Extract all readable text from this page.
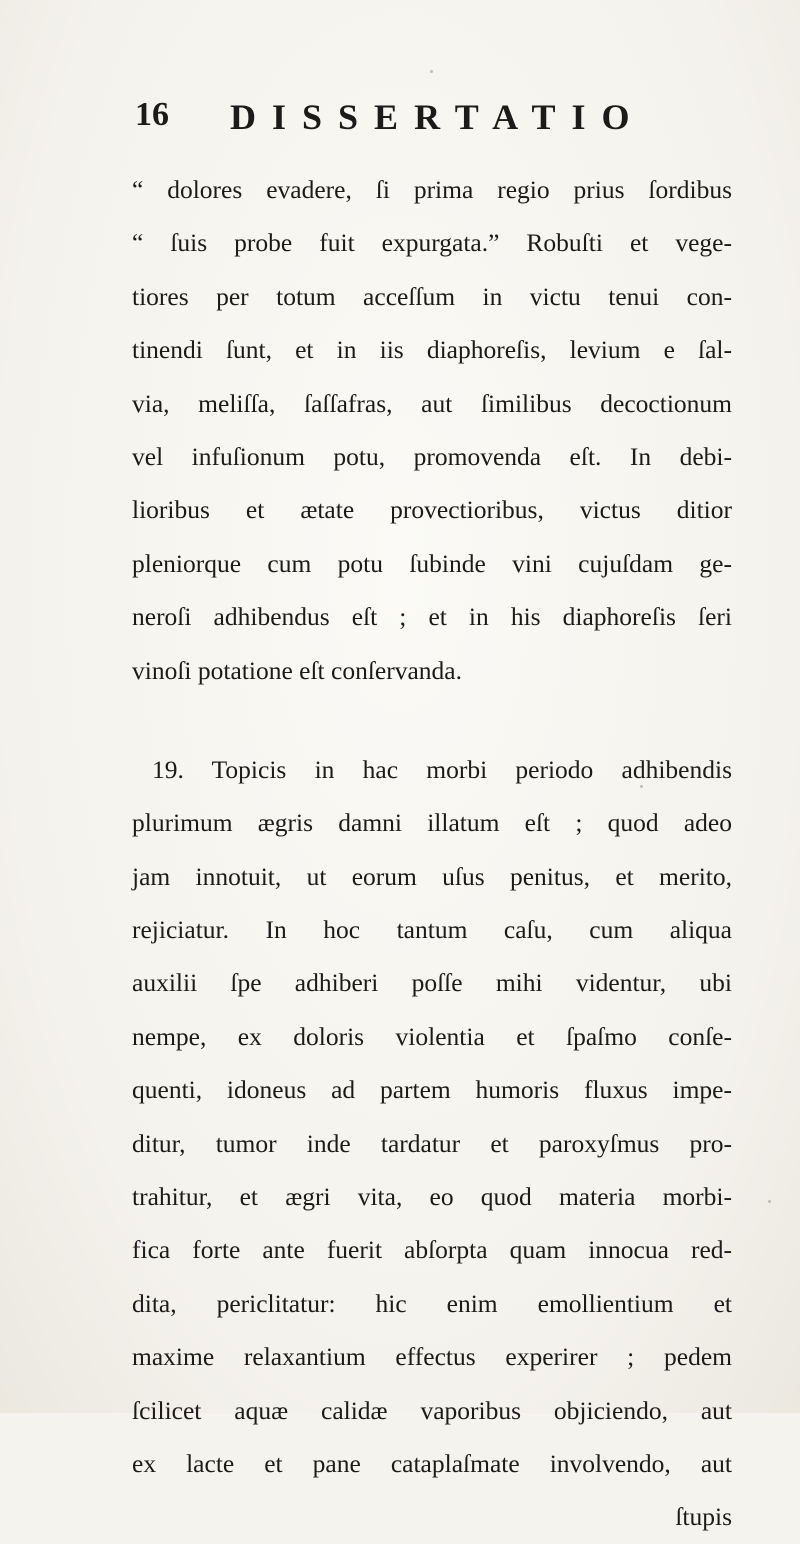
16 DISSERTATIO
“ dolores evadere, ſi prima regio prius ſordibus
“ ſuis probe fuit expurgata.” Robuſti et vege-
tiores per totum acceſſum in victu tenui con-
tinendi ſunt, et in iis diaphoreſis, levium e ſal-
via, meliſſa, ſaſſafras, aut ſimilibus decoctionum
vel infuſionum potu, promovenda eſt. In debi-
lioribus et ætate provectioribus, victus ditior
pleniorque cum potu ſubinde vini cujuſdam ge-
neroſi adhibendus eſt ; et in his diaphoreſis ſeri
vinoſi potatione eſt conſervanda.
19. Topicis in hac morbi periodo adhibendis
plurimum ægris damni illatum eſt ; quod adeo
jam innotuit, ut eorum uſus penitus, et merito,
rejiciatur. In hoc tantum caſu, cum aliqua
auxilii ſpe adhiberi poſſe mihi videntur, ubi
nempe, ex doloris violentia et ſpaſmo conſe-
quenti, idoneus ad partem humoris fluxus impe-
ditur, tumor inde tardatur et paroxyſmus pro-
trahitur, et ægri vita, eo quod materia morbi-
fica forte ante fuerit abſorpta quam innocua red-
dita, periclitatur: hic enim emollientium et
maxime relaxantium effectus experirer ; pedem
ſcilicet aquæ calidæ vaporibus objiciendo, aut
ex lacte et pane cataplaſmate involvendo, aut
ſtupis
